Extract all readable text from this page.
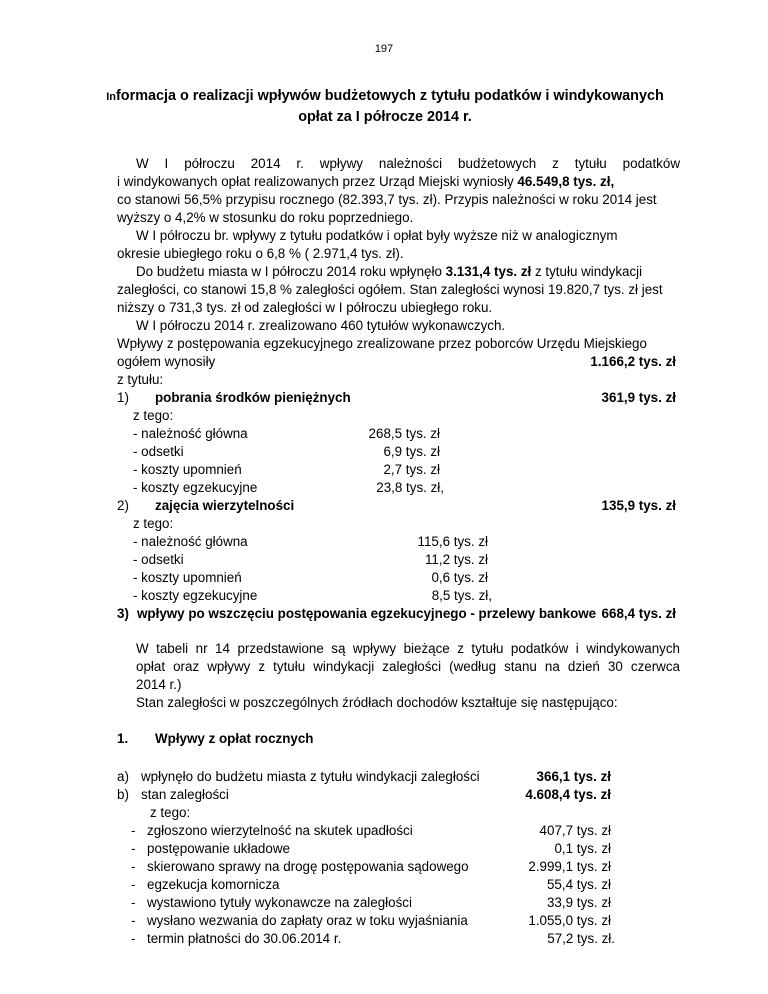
197
Informacja o realizacji wpływów budżetowych z tytułu podatków i windykowanych
opłat za I półrocze 2014 r.
W I półroczu 2014 r. wpływy należności budżetowych z tytułu podatków
i windykowanych opłat realizowanych przez Urząd Miejski wyniosły 46.549,8 tys. zł,
co stanowi 56,5% przypisu rocznego (82.393,7 tys. zł). Przypis należności w roku 2014 jest
wyższy o 4,2% w stosunku do roku poprzedniego.
W I półroczu br. wpływy z tytułu podatków i opłat były wyższe niż w analogicznym
okresie ubiegłego roku o 6,8 % ( 2.971,4 tys. zł).
Do budżetu miasta w I półroczu 2014 roku wpłynęło 3.131,4 tys. zł z tytułu windykacji
zaległości, co stanowi 15,8 % zaległości ogółem. Stan zaległości wynosi 19.820,7 tys. zł jest
niższy o 731,3 tys. zł od zaległości w I półroczu ubiegłego roku.
W I półroczu 2014 r. zrealizowano 460 tytułów wykonawczych.
Wpływy z postępowania egzekucyjnego zrealizowane przez poborców Urzędu Miejskiego
ogółem wynosiły	1.166,2 tys. zł
z tytułu:
1) pobrania środków pieniężnych	361,9 tys. zł
z tego:
- należność główna	268,5 tys. zł
- odsetki	6,9 tys. zł
- koszty upomnień	2,7 tys. zł
- koszty egzekucyjne	23,8 tys. zł,
2) zajęcia wierzytelności	135,9 tys. zł
z tego:
- należność główna	115,6 tys. zł
- odsetki	11,2 tys. zł
- koszty upomnień	0,6 tys. zł
- koszty egzekucyjne	8,5 tys. zł,
3) wpływy po wszczęciu postępowania egzekucyjnego - przelewy bankowe 668,4 tys. zł
W tabeli nr 14 przedstawione są wpływy bieżące z tytułu podatków i windykowanych
opłat oraz wpływy z tytułu windykacji zaległości (według stanu na dzień 30 czerwca
2014 r.)
Stan zaległości w poszczególnych źródłach dochodów kształtuje się następująco:
1. Wpływy z opłat rocznych
a) wpłynęło do budżetu miasta z tytułu windykacji zaległości	366,1 tys. zł
b) stan zaległości	4.608,4 tys. zł
z tego:
- zgłoszono wierzytelność na skutek upadłości	407,7 tys. zł
- postępowanie układowe	0,1 tys. zł
- skierowano sprawy na drogę postępowania sądowego	2.999,1 tys. zł
- egzekucja komornicza	55,4 tys. zł
- wystawiono tytuły wykonawcze na zaległości	33,9 tys. zł
- wysłano wezwania do zapłaty oraz w toku wyjaśniania	1.055,0 tys. zł
- termin płatności do 30.06.2014 r.	57,2 tys. zł.
